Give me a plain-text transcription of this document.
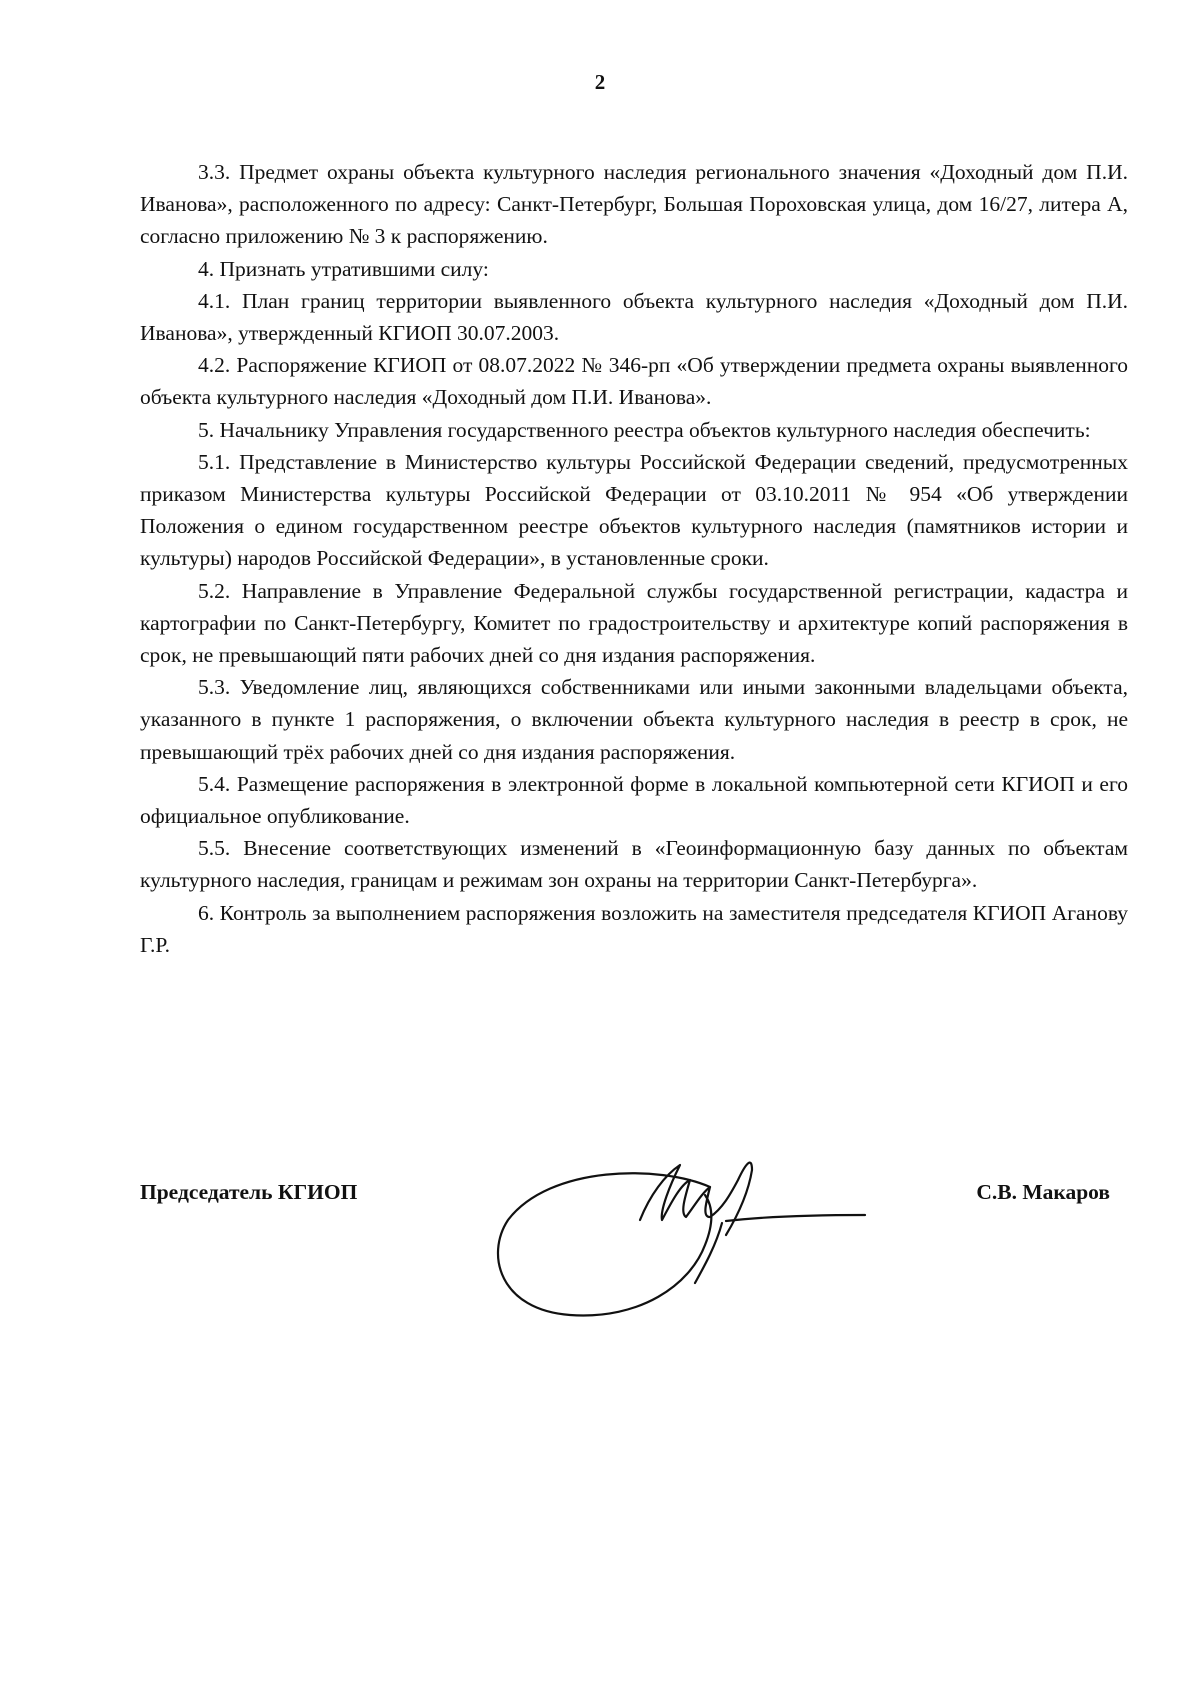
2

3.3. Предмет охраны объекта культурного наследия регионального значения «Доходный дом П.И. Иванова», расположенного по адресу: Санкт-Петербург, Большая Пороховская улица, дом 16/27, литера А, согласно приложению № 3 к распоряжению.

4. Признать утратившими силу:

4.1. План границ территории выявленного объекта культурного наследия «Доходный дом П.И. Иванова», утвержденный КГИОП 30.07.2003.

4.2. Распоряжение КГИОП от 08.07.2022 № 346-рп «Об утверждении предмета охраны выявленного объекта культурного наследия «Доходный дом П.И. Иванова».

5. Начальнику Управления государственного реестра объектов культурного наследия обеспечить:

5.1. Представление в Министерство культуры Российской Федерации сведений, предусмотренных приказом Министерства культуры Российской Федерации от 03.10.2011 № 954 «Об утверждении Положения о едином государственном реестре объектов культурного наследия (памятников истории и культуры) народов Российской Федерации», в установленные сроки.

5.2. Направление в Управление Федеральной службы государственной регистрации, кадастра и картографии по Санкт-Петербургу, Комитет по градостроительству и архитектуре копий распоряжения в срок, не превышающий пяти рабочих дней со дня издания распоряжения.

5.3. Уведомление лиц, являющихся собственниками или иными законными владельцами объекта, указанного в пункте 1 распоряжения, о включении объекта культурного наследия в реестр в срок, не превышающий трёх рабочих дней со дня издания распоряжения.

5.4. Размещение распоряжения в электронной форме в локальной компьютерной сети КГИОП и его официальное опубликование.

5.5. Внесение соответствующих изменений в «Геоинформационную базу данных по объектам культурного наследия, границам и режимам зон охраны на территории Санкт-Петербурга».

6. Контроль за выполнением распоряжения возложить на заместителя председателя КГИОП Аганову Г.Р.

Председатель КГИОП	С.В. Макаров
